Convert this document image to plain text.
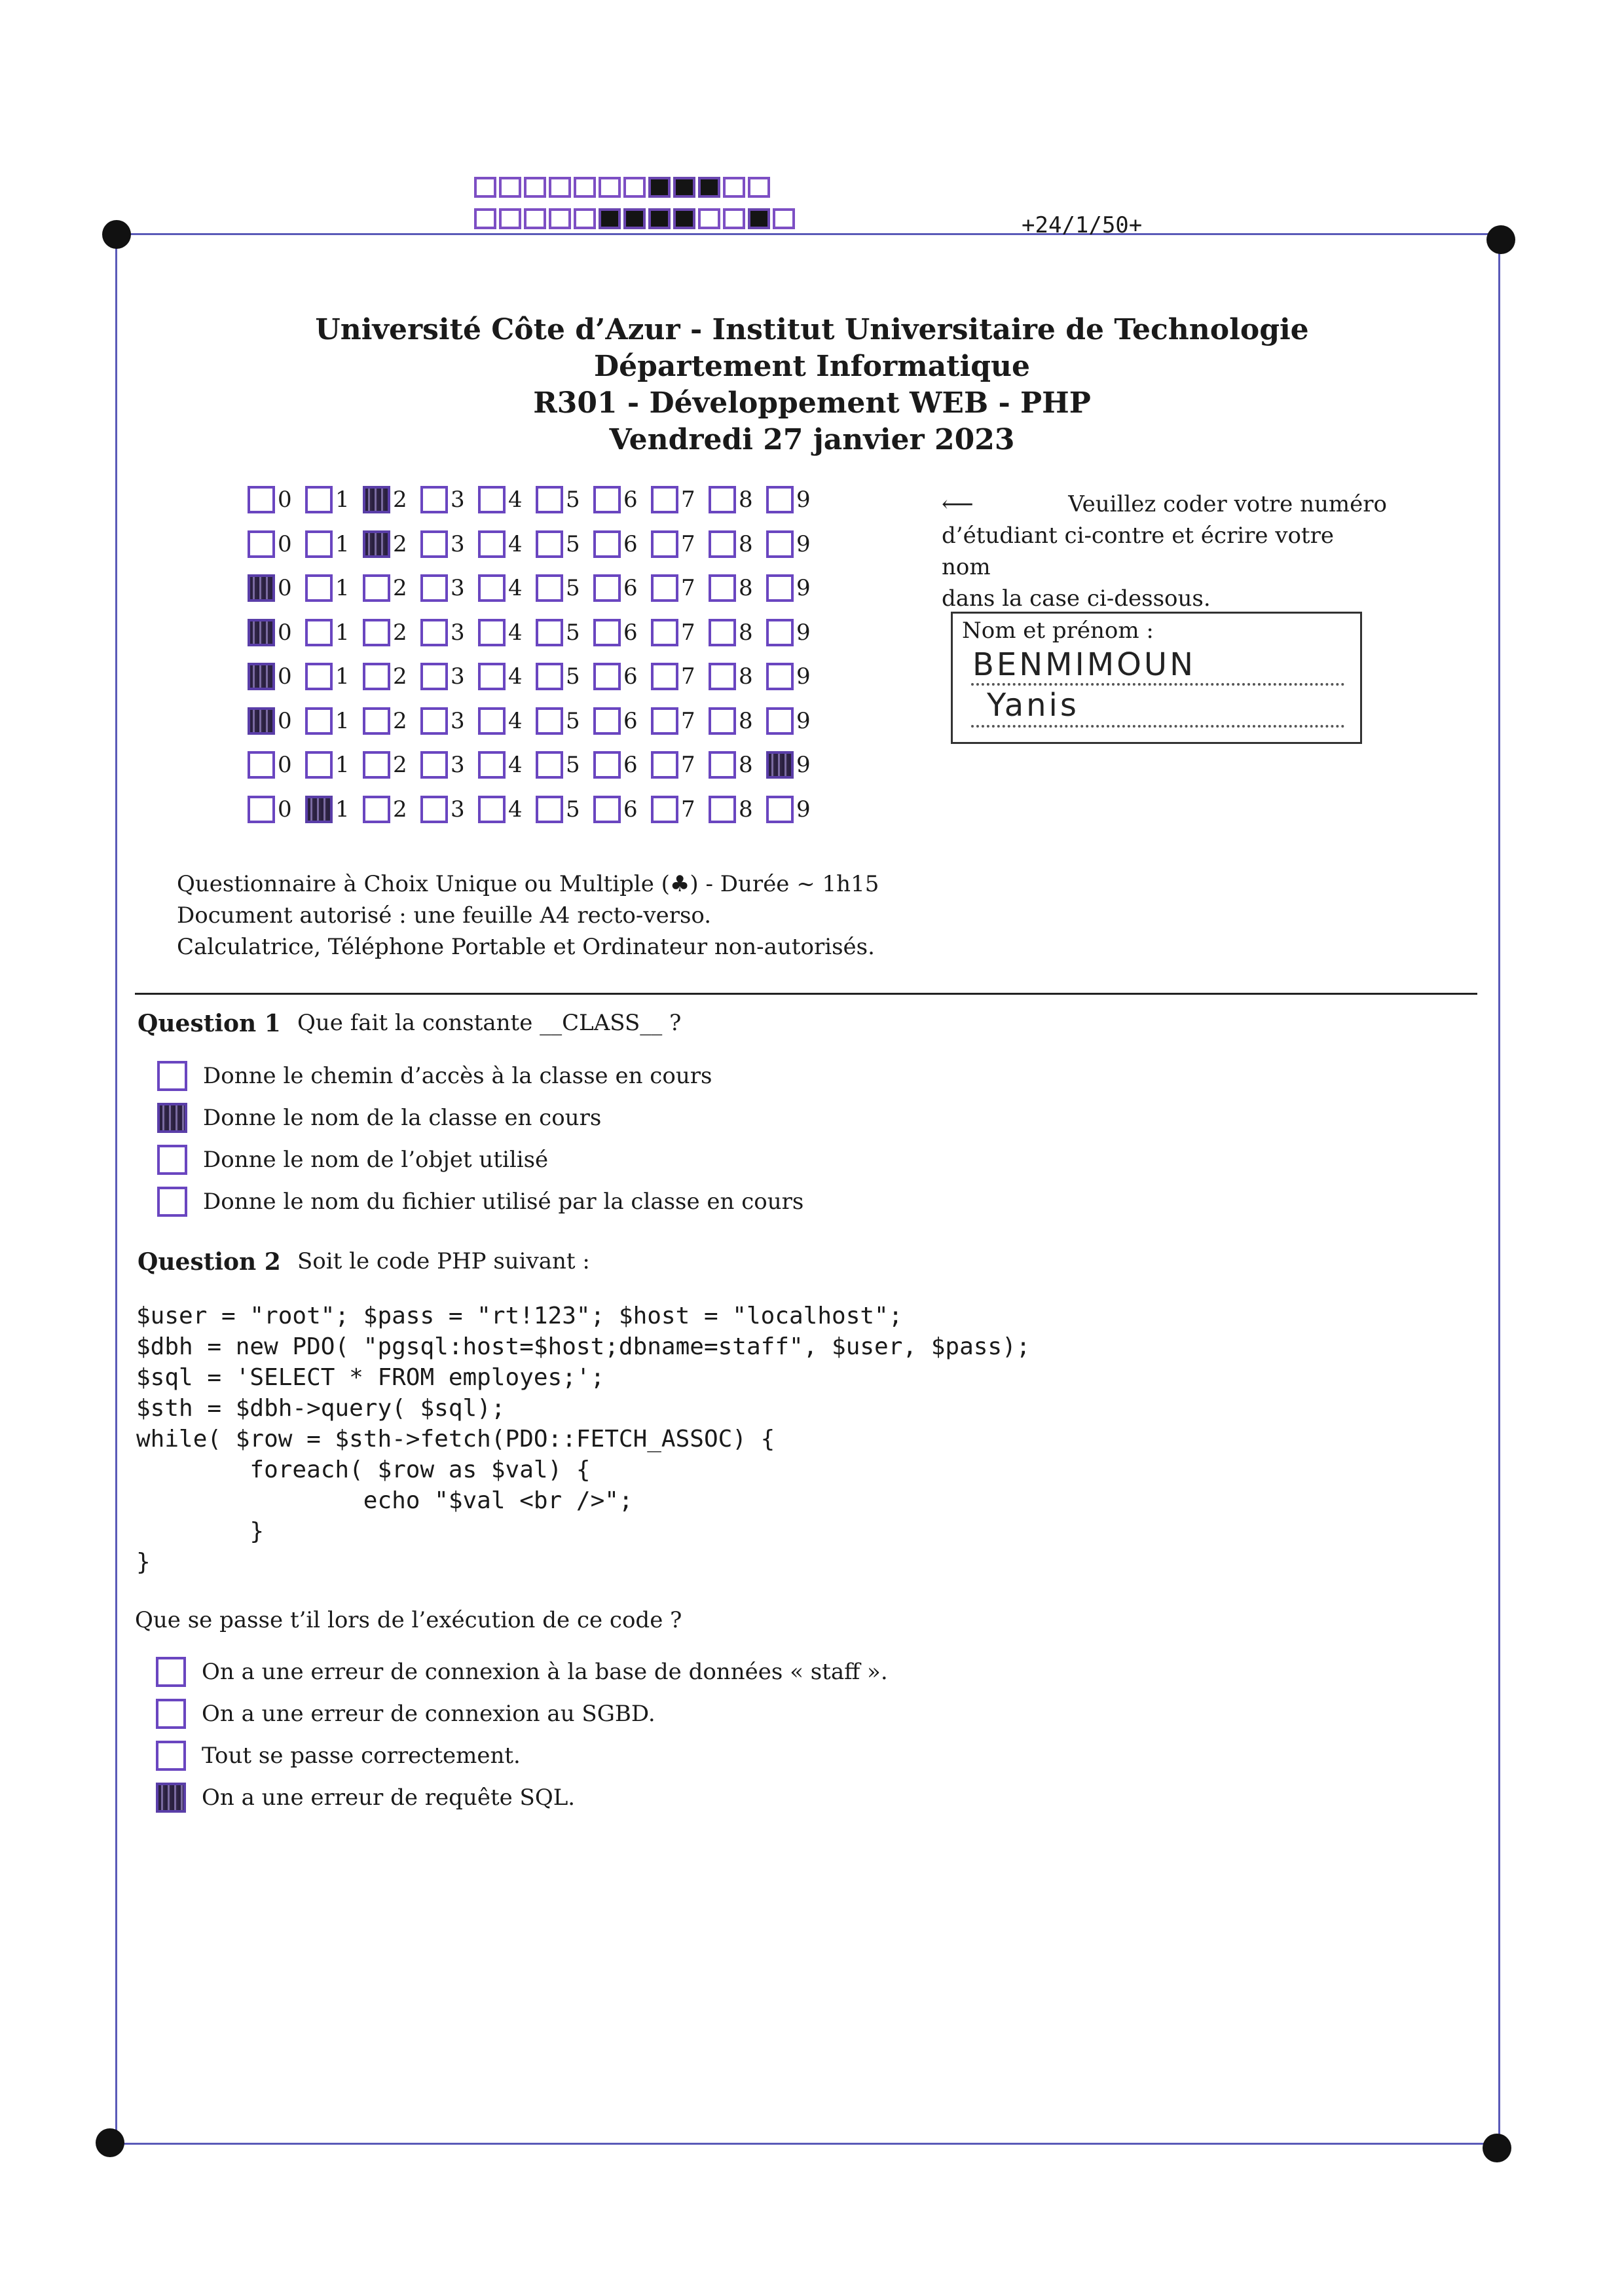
+24/1/50+
Université Côte d’Azur - Institut Universitaire de Technologie
Département Informatique
R301 - Développement WEB - PHP
Vendredi 27 janvier 2023
0 1 2 3 4 5 6 7 8 9
0 1 2 3 4 5 6 7 8 9
0 1 2 3 4 5 6 7 8 9
0 1 2 3 4 5 6 7 8 9
0 1 2 3 4 5 6 7 8 9
0 1 2 3 4 5 6 7 8 9
0 1 2 3 4 5 6 7 8 9
0 1 2 3 4 5 6 7 8 9
⟵	Veuillez coder votre numéro
d’étudiant ci-contre et écrire votre nom
dans la case ci-dessous.
Nom et prénom :
BENMIMOUN
Yanis
Questionnaire à Choix Unique ou Multiple (♣) - Durée ~ 1h15
Document autorisé : une feuille A4 recto-verso.
Calculatrice, Téléphone Portable et Ordinateur non-autorisés.
Question 1 Que fait la constante __CLASS__ ?
Donne le chemin d’accès à la classe en cours
Donne le nom de la classe en cours
Donne le nom de l’objet utilisé
Donne le nom du fichier utilisé par la classe en cours
Question 2 Soit le code PHP suivant :
$user = "root"; $pass = "rt!123"; $host = "localhost";
$dbh = new PDO( "pgsql:host=$host;dbname=staff", $user, $pass);
$sql = 'SELECT * FROM employes;';
$sth = $dbh->query( $sql);
while( $row = $sth->fetch(PDO::FETCH_ASSOC) {
foreach( $row as $val) {
echo "$val <br />";
}
}
Que se passe t’il lors de l’exécution de ce code ?
On a une erreur de connexion à la base de données « staff ».
On a une erreur de connexion au SGBD.
Tout se passe correctement.
On a une erreur de requête SQL.
